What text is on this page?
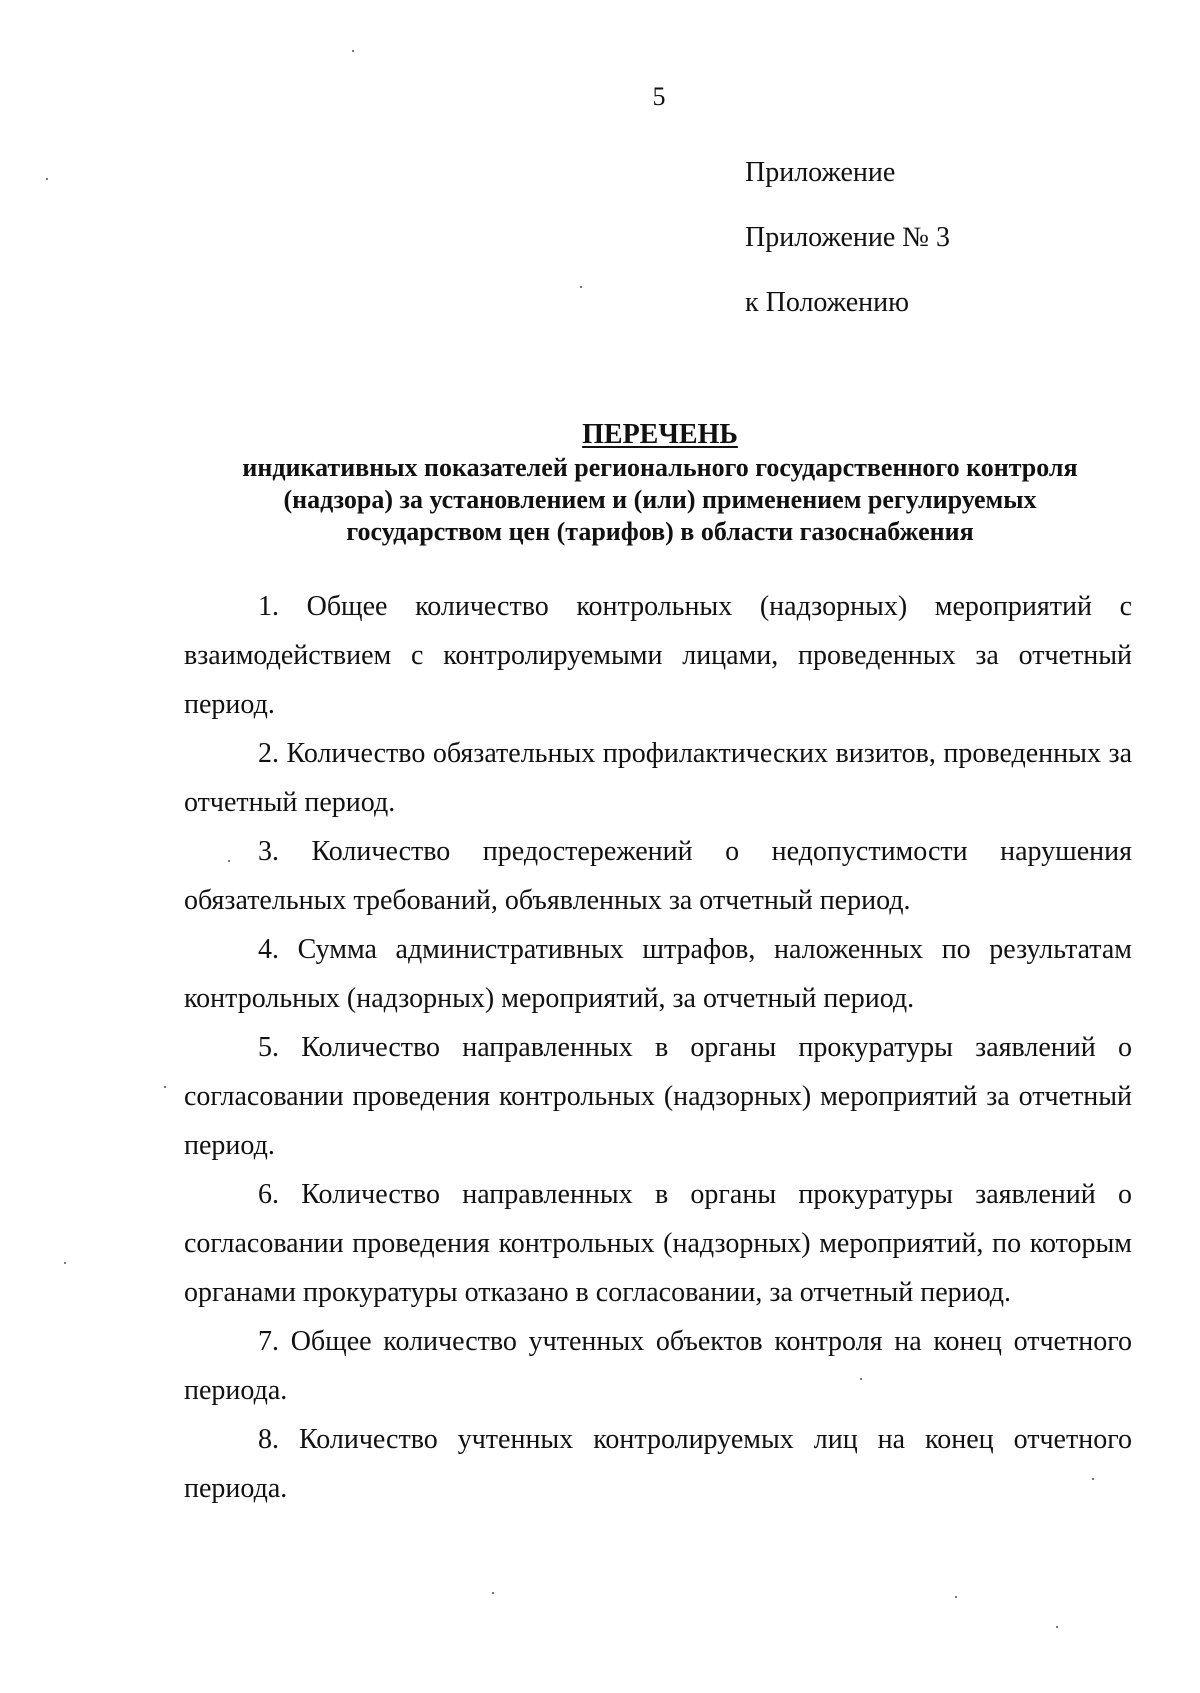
5
Приложение
Приложение № 3
к Положению
ПЕРЕЧЕНЬ

индикативных показателей регионального государственного контроля

(надзора) за установлением и (или) применением регулируемых

государством цен (тарифов) в области газоснабжения

1. Общее количество контрольных (надзорных) мероприятий с взаимодействием с контролируемыми лицами, проведенных за отчетный период.

2. Количество обязательных профилактических визитов, проведенных за отчетный период.

3. Количество предостережений о недопустимости нарушения обязательных требований, объявленных за отчетный период.

4. Сумма административных штрафов, наложенных по результатам контрольных (надзорных) мероприятий, за отчетный период.

5. Количество направленных в органы прокуратуры заявлений о согласовании проведения контрольных (надзорных) мероприятий за отчетный период.

6. Количество направленных в органы прокуратуры заявлений о согласовании проведения контрольных (надзорных) мероприятий, по которым органами прокуратуры отказано в согласовании, за отчетный период.

7. Общее количество учтенных объектов контроля на конец отчетного периода.

8. Количество учтенных контролируемых лиц на конец отчетного периода.
